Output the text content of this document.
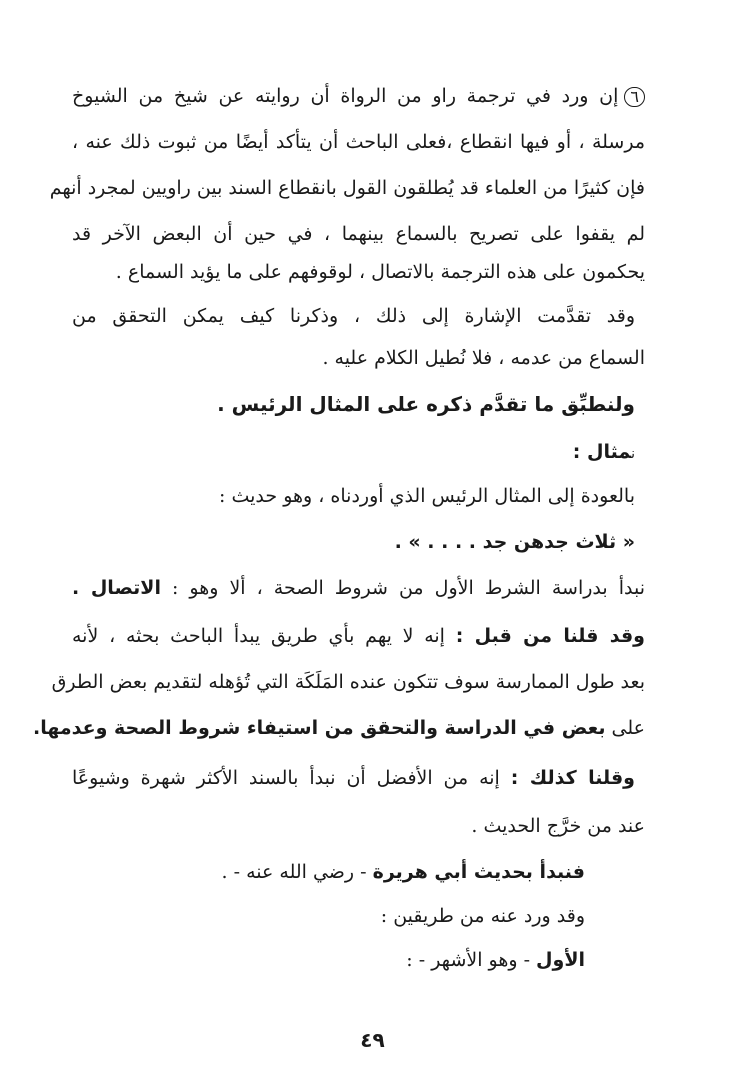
٦إن ورد في ترجمة راو من الرواة أن روايته عن شيخ من الشيوخ
مرسلة ، أو فيها انقطاع ،فعلى الباحث أن يتأكد أيضًا من ثبوت ذلك عنه ،
فإن كثيرًا من العلماء قد يُطلقون القول بانقطاع السند بين راويين لمجرد أنهم
لم يقفوا على تصريح بالسماع بينهما ، في حين أن البعض الآخر قد
يحكمون على هذه الترجمة بالاتصال ، لوقوفهم على ما يؤيد السماع .
وقد تقدَّمت الإشارة إلى ذلك ، وذكرنا كيف يمكن التحقق من
السماع من عدمه ، فلا نُطيل الكلام عليه .
ولنطبِّق ما تقدَّم ذكره على المثال الرئيس .
نمثال :
بالعودة إلى المثال الرئيس الذي أوردناه ، وهو حديث :
« ثلاث جدهن جد . . . . » .
نبدأ بدراسة الشرط الأول من شروط الصحة ، ألا وهو : الاتصال .
وقد قلنا من قبل : إنه لا يهم بأي طريق يبدأ الباحث بحثه ، لأنه
بعد طول الممارسة سوف تتكون عنده المَلَكَة التي تُؤهله لتقديم بعض الطرق
على بعض في الدراسة والتحقق من استيفاء شروط الصحة وعدمها.
وقلنا كذلك : إنه من الأفضل أن نبدأ بالسند الأكثر شهرة وشيوعًا
عند من خرَّج الحديث .
فنبدأ بحديث أبي هريرة - رضي الله عنه - .
وقد ورد عنه من طريقين :
الأول - وهو الأشهر - :
٤٩
